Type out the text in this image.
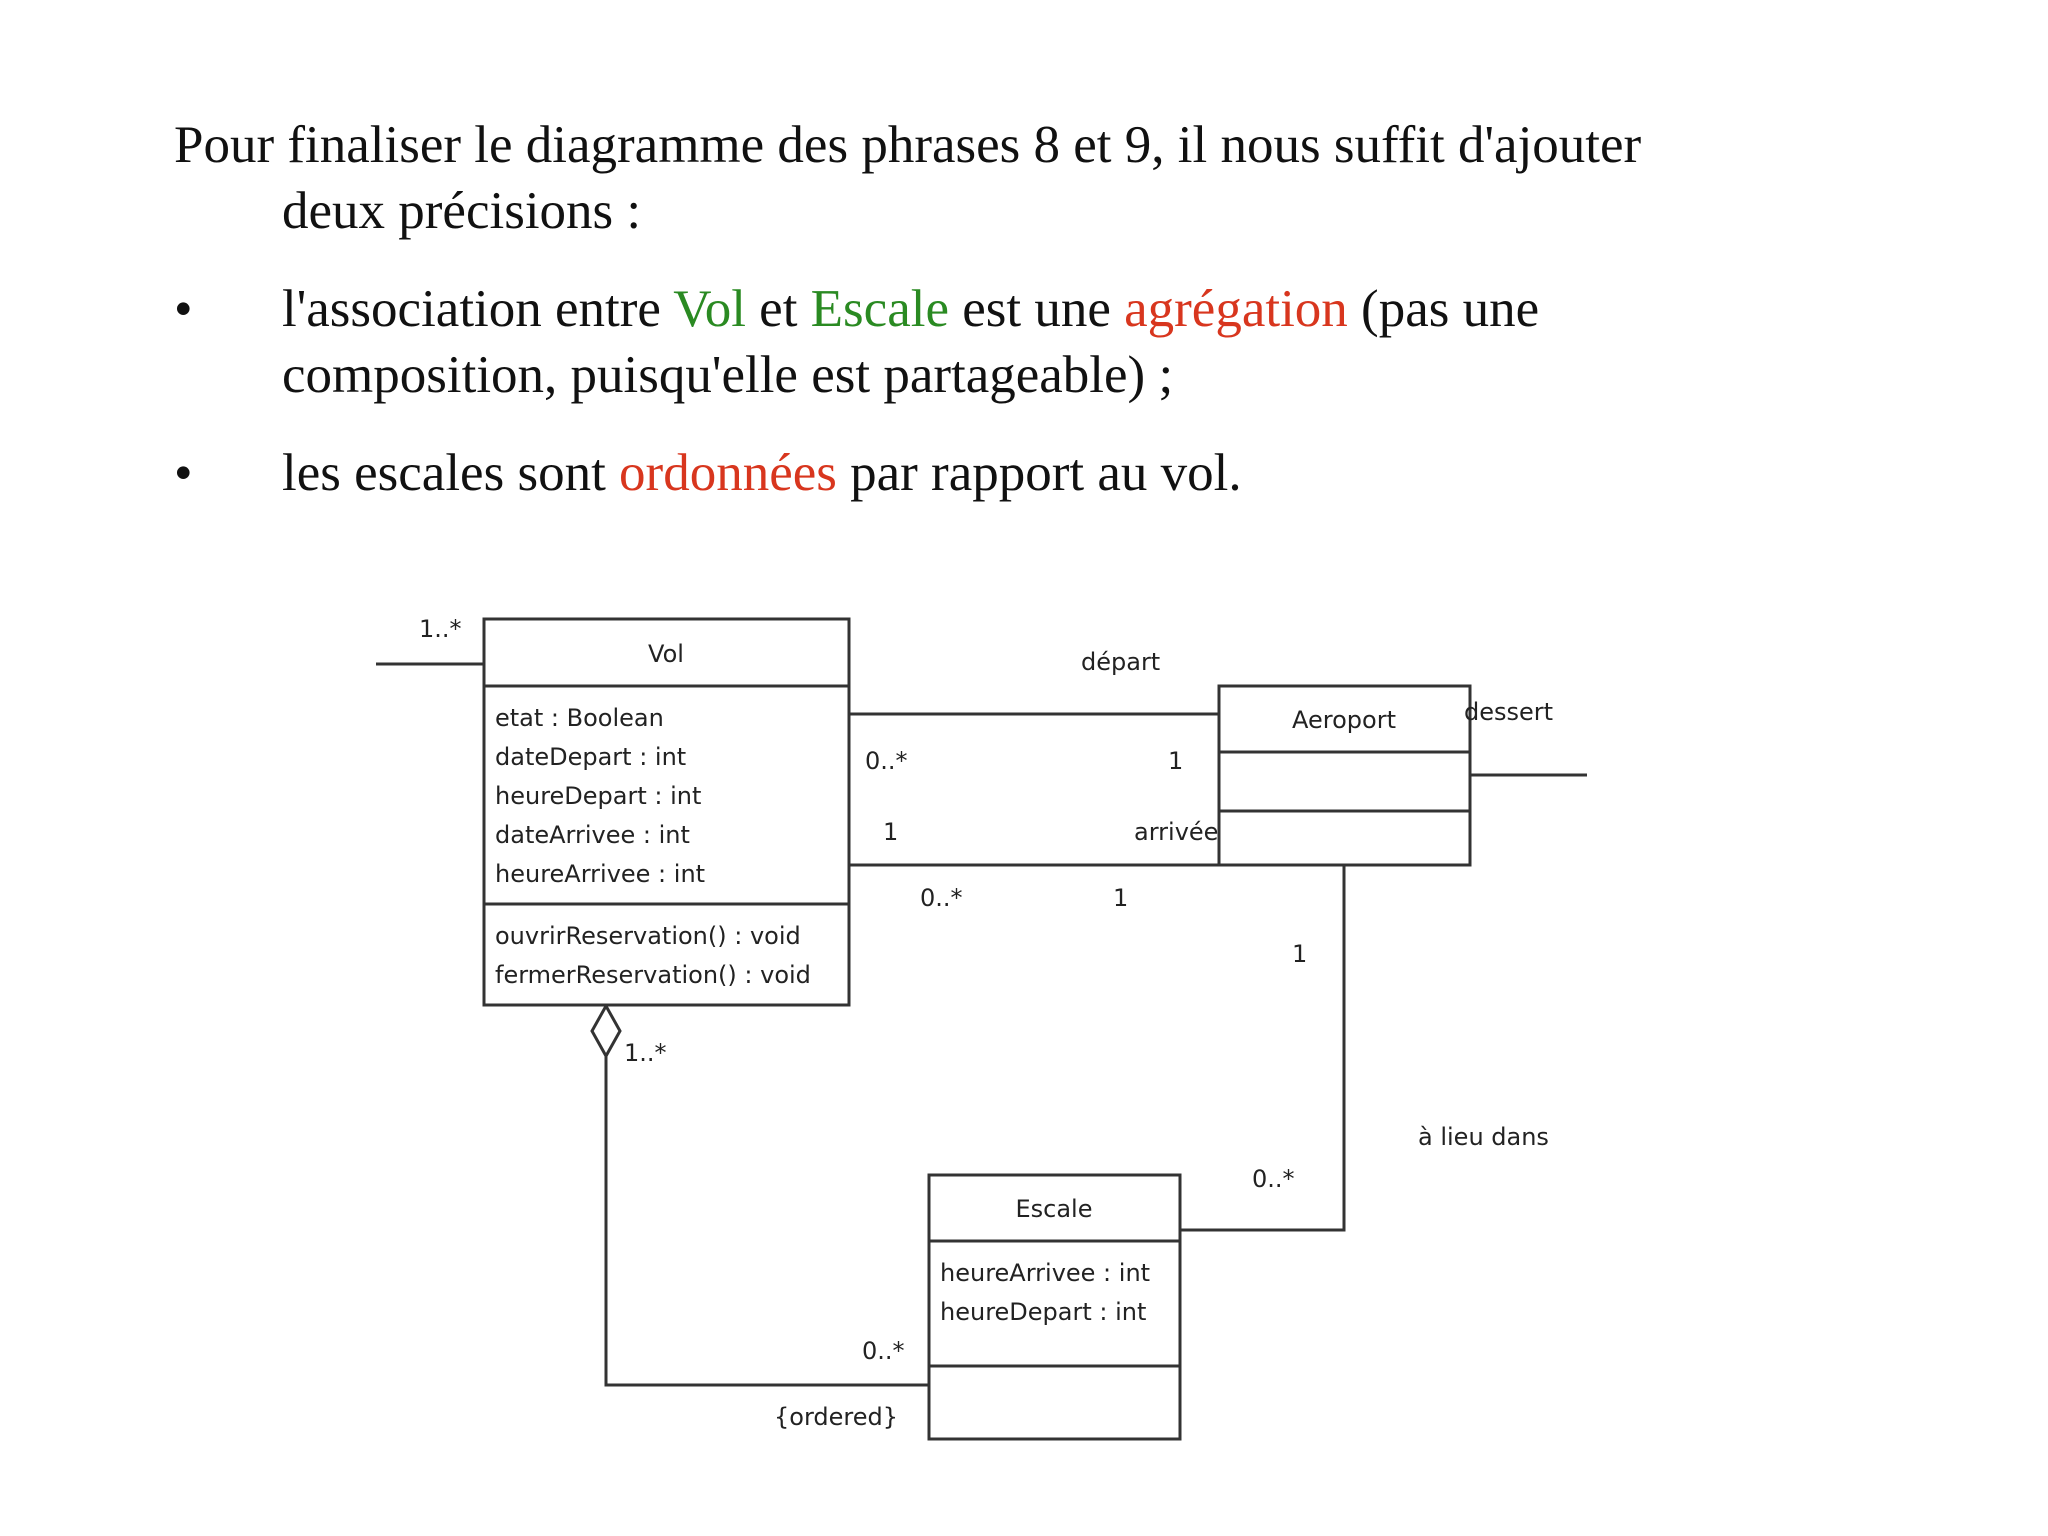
Pour finaliser le diagramme des phrases 8 et 9, il nous suffit d'ajouter
deux précisions :
• l'association entre Vol et Escale est une agrégation (pas une
composition, puisqu'elle est partageable) ;
• les escales sont ordonnées par rapport au vol.
Vol
etat : Boolean
dateDepart : int
heureDepart : int
dateArrivee : int
heureArrivee : int
ouvrirReservation() : void
fermerReservation() : void
Aeroport
Escale
heureArrivee : int
heureDepart : int
1..*
départ
0..*	1
1	arrivée
0..*	1
dessert
1
à lieu dans
0..*
1..*
0..*
{ordered}
